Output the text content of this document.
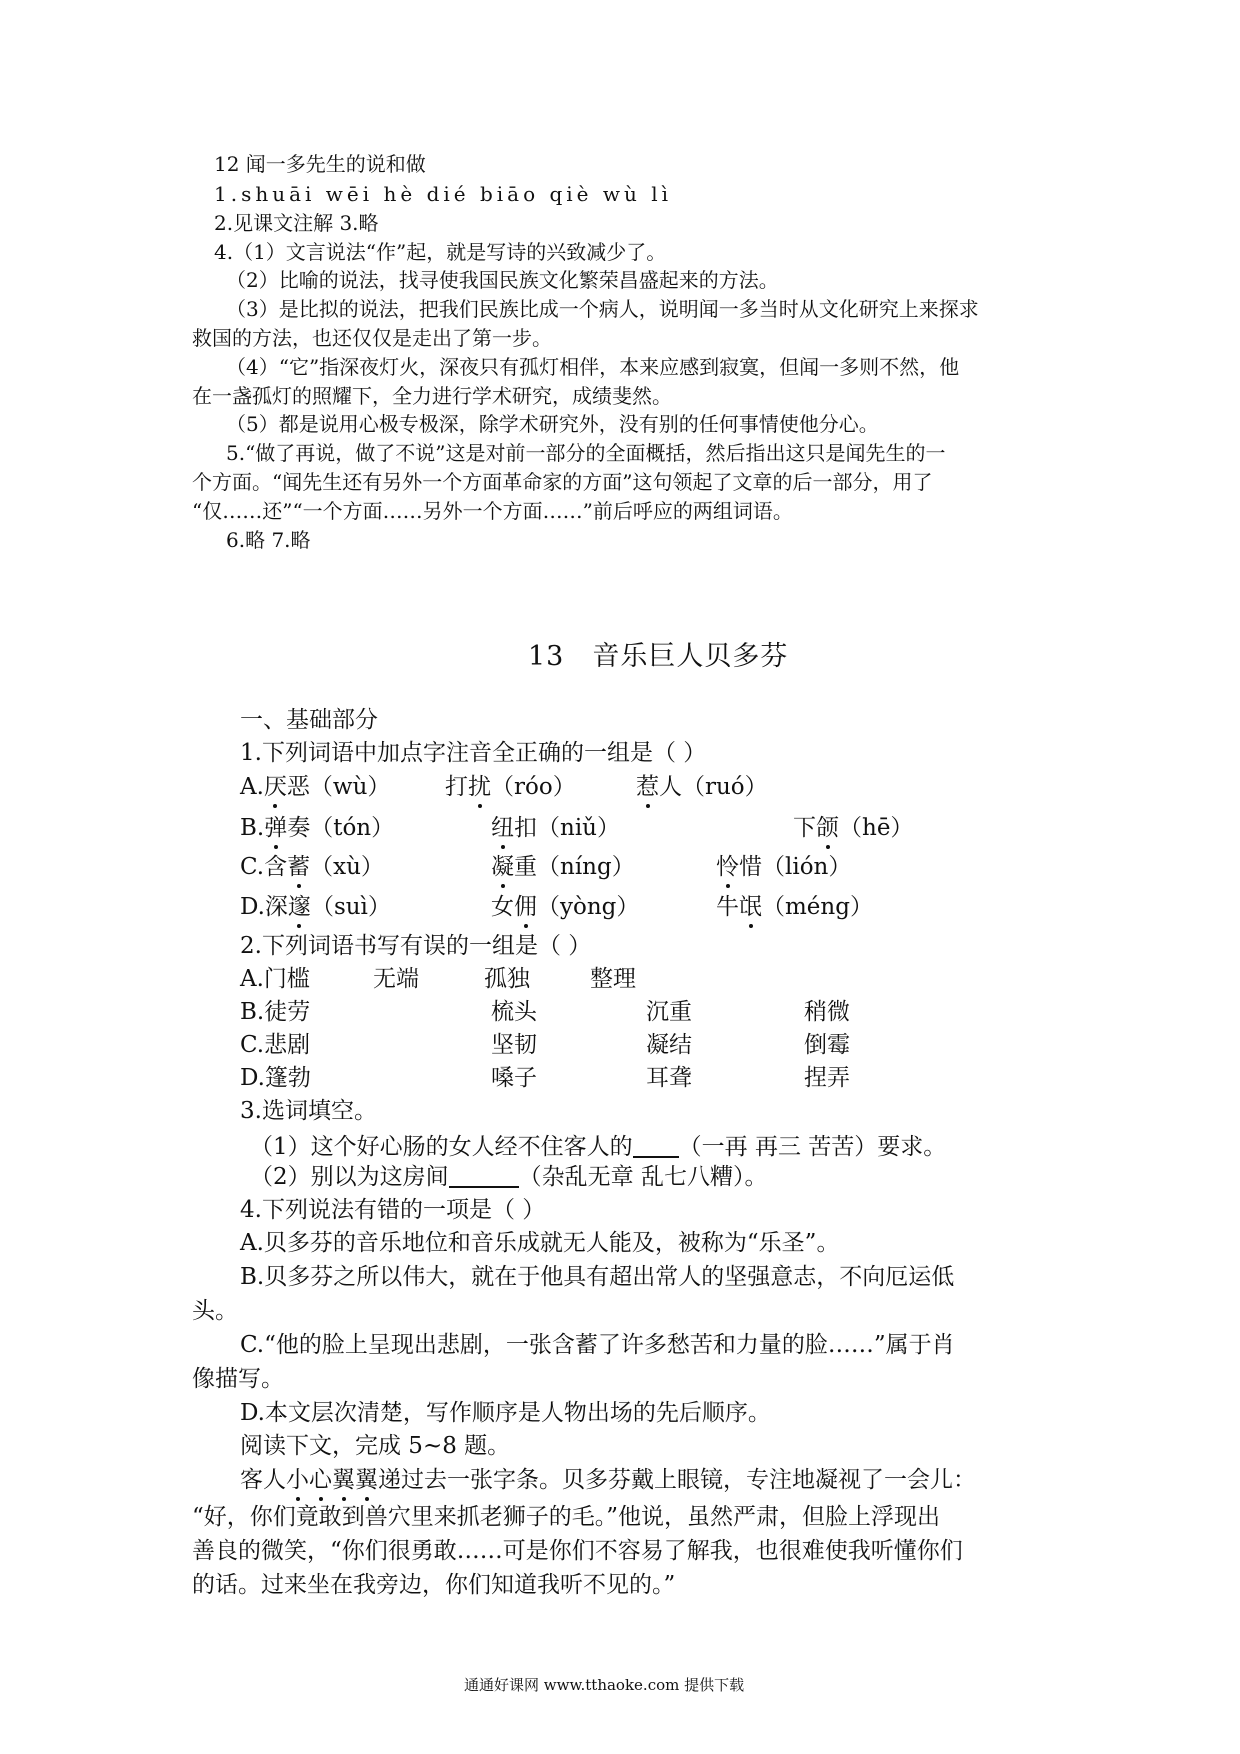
12 闻一多先生的说和做
1.shuāi wēi hè dié biāo qiè wù lì
2.见课文注解 3.略
4.（1）文言说法“作”起，就是写诗的兴致减少了。
（2）比喻的说法，找寻使我国民族文化繁荣昌盛起来的方法。
（3）是比拟的说法，把我们民族比成一个病人，说明闻一多当时从文化研究上来探求
救国的方法，也还仅仅是走出了第一步。
（4）“它”指深夜灯火，深夜只有孤灯相伴，本来应感到寂寞，但闻一多则不然，他
在一盏孤灯的照耀下，全力进行学术研究，成绩斐然。
（5）都是说用心极专极深，除学术研究外，没有别的任何事情使他分心。
5.“做了再说，做了不说”这是对前一部分的全面概括，然后指出这只是闻先生的一
个方面。“闻先生还有另外一个方面革命家的方面”这句领起了文章的后一部分，用了
“仅……还”“一个方面……另外一个方面……”前后呼应的两组词语。
6.略 7.略
13　音乐巨人贝多芬
一、基础部分
1.下列词语中加点字注音全正确的一组是（ ）
A.厌恶（wù） 打扰（róo）	惹人（ruó）
B.弹奏（tón）	纽扣（niǔ）	下颌（hē）
C.含蓄（xù）	凝重（níng）	怜惜（lión）
D.深邃（suì）	女佣（yòng）	牛氓（méng）
2.下列词语书写有误的一组是（ ）
A.门槛	无端	孤独	整理
B.徒劳	梳头	沉重	稍微
C.悲剧	坚韧	凝结	倒霉
D.篷勃	嗓子	耳聋	捏弄
3.选词填空。
（1）这个好心肠的女人经不住客人的 （一再 再三 苦苦）要求。
（2）别以为这房间	（杂乱无章 乱七八糟）。
4.下列说法有错的一项是（ ）
A.贝多芬的音乐地位和音乐成就无人能及，被称为“乐圣”。
B.贝多芬之所以伟大，就在于他具有超出常人的坚强意志，不向厄运低
头。
C.“他的脸上呈现出悲剧，一张含蓄了许多愁苦和力量的脸……”属于肖
像描写。
D.本文层次清楚，写作顺序是人物出场的先后顺序。
阅读下文，完成 5~8 题。
客人小心翼翼递过去一张字条。贝多芬戴上眼镜，专注地凝视了一会儿：
“好，你们竟敢到兽穴里来抓老狮子的毛。”他说，虽然严肃，但脸上浮现出
善良的微笑，“你们很勇敢……可是你们不容易了解我，也很难使我听懂你们
的话。过来坐在我旁边，你们知道我听不见的。”
通通好课网 www.tthaoke.com 提供下载
